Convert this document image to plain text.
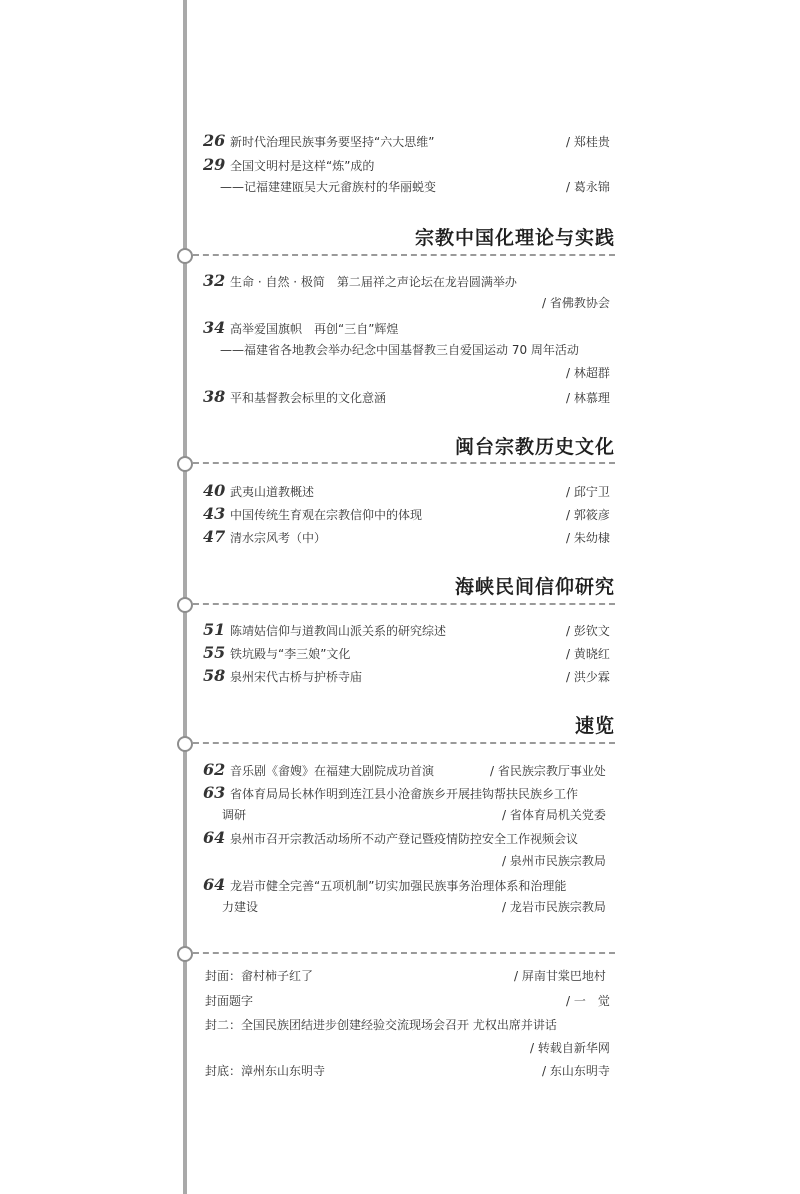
26 新时代治理民族事务要坚持“六大思维”	/ 郑桂贵
29 全国文明村是这样“炼”成的
——记福建建瓯吴大元畲族村的华丽蜕变	/ 葛永锦
宗教中国化理论与实践
32 生命 · 自然 · 极简　第二届祥之声论坛在龙岩圆满举办
/ 省佛教协会
34 高举爱国旗帜　再创“三自”辉煌
——福建省各地教会举办纪念中国基督教三自爱国运动 70 周年活动
/ 林超群
38 平和基督教会标里的文化意涵	/ 林慕理
闽台宗教历史文化
40 武夷山道教概述	/ 邱宁卫
43 中国传统生育观在宗教信仰中的体现	/ 郭筱彦
47 清水宗风考（中）	/ 朱幼棣
海峡民间信仰研究
51 陈靖姑信仰与道教闾山派关系的研究综述	/ 彭钦文
55 铁坑殿与“李三娘”文化	/ 黄晓红
58 泉州宋代古桥与护桥寺庙	/ 洪少霖
速览
62 音乐剧《畲嫂》在福建大剧院成功首演	/ 省民族宗教厅事业处
63 省体育局局长林作明到连江县小沧畲族乡开展挂钩帮扶民族乡工作
调研	/ 省体育局机关党委
64 泉州市召开宗教活动场所不动产登记暨疫情防控安全工作视频会议
/ 泉州市民族宗教局
64 龙岩市健全完善“五项机制”切实加强民族事务治理体系和治理能
力建设	/ 龙岩市民族宗教局
封面：畲村柿子红了	/ 屏南甘棠巴地村
封面题字	/ 一　觉
封二：全国民族团结进步创建经验交流现场会召开 尤权出席并讲话
/ 转载自新华网
封底：漳州东山东明寺	/ 东山东明寺
